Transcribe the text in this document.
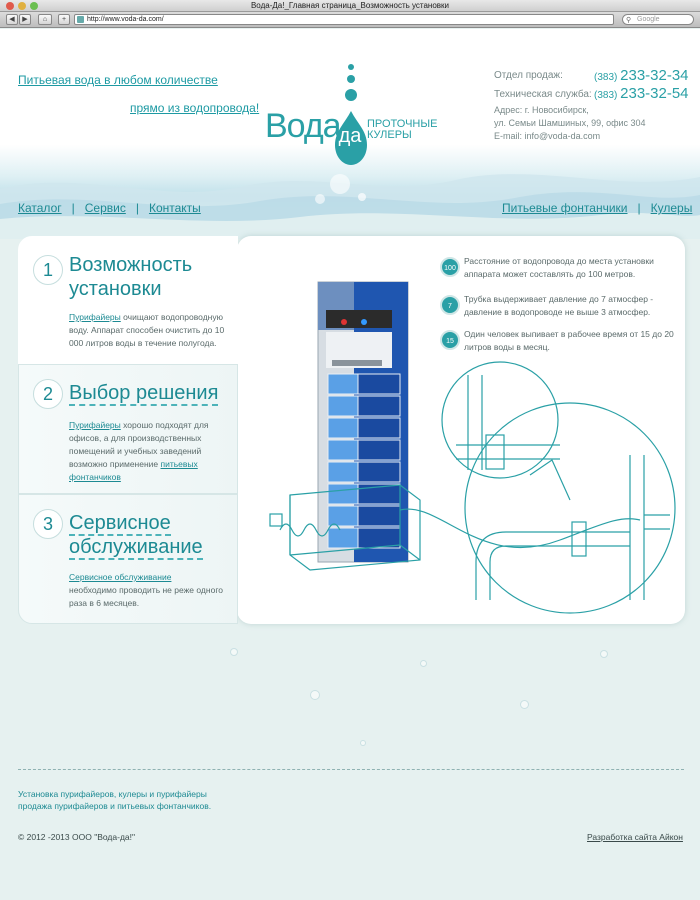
Вода-Да!_Главная страница_Возможность установки
◀	▶	⌂	+	http://www.voda-da.com/	⚲ Google
Питьевая вода в любом количестве
прямо из водопровода! Вода
да
ПРОТОЧНЫЕ
КУЛЕРЫ
Отдел продаж:	(383) 233-32-34
Техническая служба: (383) 233-32-54
Адрес: г. Новосибирск,
ул. Семьи Шамшиных, 99, офис 304
E-mail: info@voda-da.com
Каталог | Сервис | Контакты	Питьевые фонтанчики | Кулеры
1 Возможность
установки
Пурифайеры очищают водопроводную воду. Аппарат способен очистить до 10 000 литров воды в течение полугода.
2 Выбор решения
Пурифайеры хорошо подходят для офисов, а для производственных помещений и учебных заведений возможно применение питьевых фонтанчиков
3 Сервисное
обслуживание
Сервисное обслуживание
необходимо проводить не реже одного раза в 6 месяцев.
100 m
Расстояние от водопровода до места установки аппарата может составлять до 100 метров.
7
Трубка выдерживает давление до 7 атмосфер - давление в водопроводе не выше 3 атмосфер.
15
Один человек выпивает в рабочее время от 15 до 20 литров воды в месяц.
Установка пурифайеров, кулеры и пурифайеры
продажа пурифайеров и питьевых фонтанчиков.
© 2012 -2013 ООО "Вода-да!"	Разработка сайта Айкон
